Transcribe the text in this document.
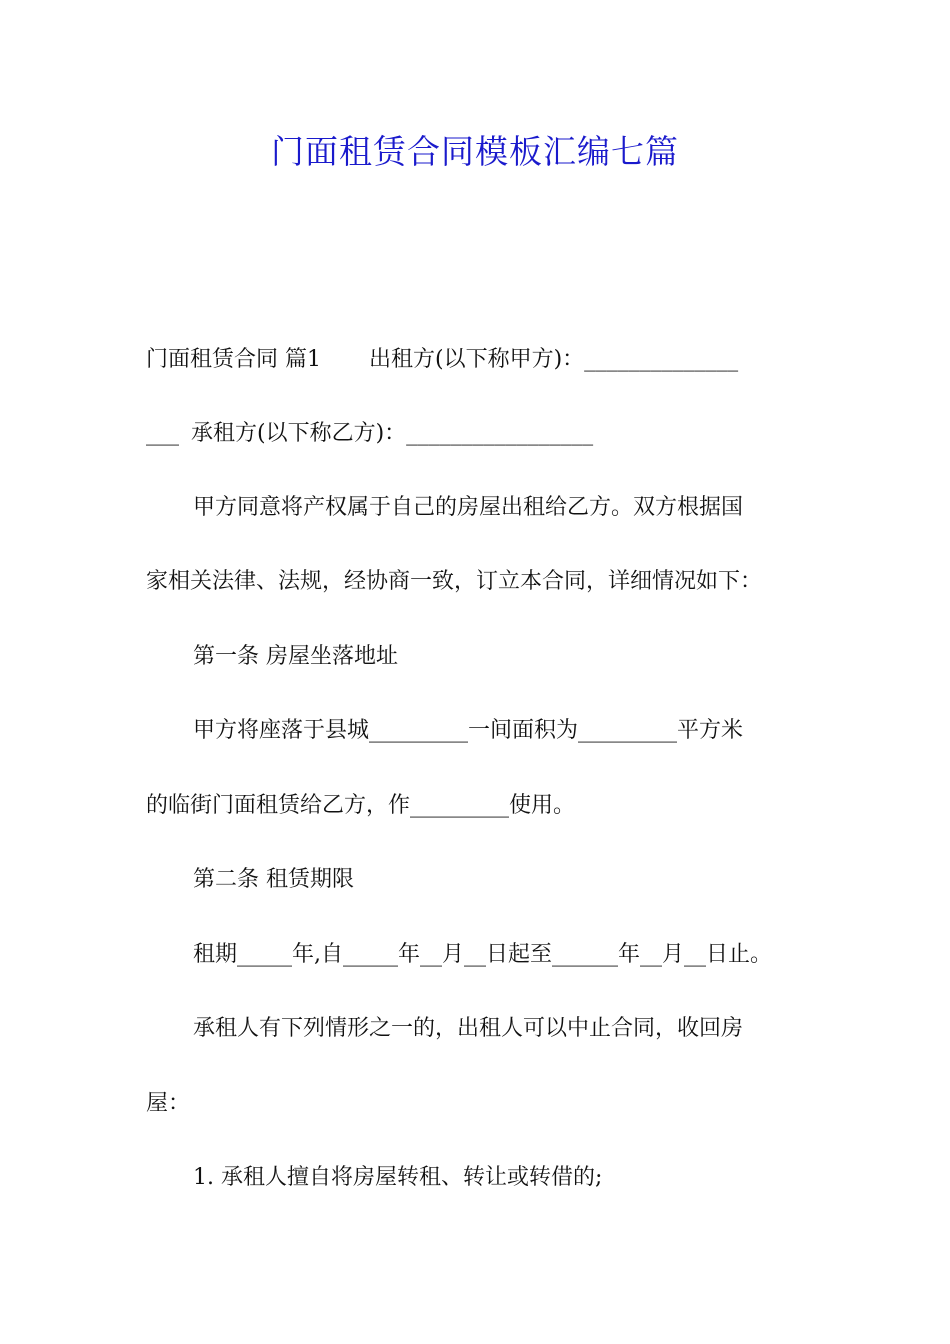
门面租赁合同模板汇编七篇

门面租赁合同 篇1 出租方(以下称甲方)：______________

___ 承租方(以下称乙方)：_________________

甲方同意将产权属于自己的房屋出租给乙方。双方根据国

家相关法律、法规，经协商一致，订立本合同，详细情况如下：

第一条 房屋坐落地址

甲方将座落于县城_________一间面积为_________平方米

的临街门面租赁给乙方，作_________使用。

第二条 租赁期限

租期_____年,自_____年__月__日起至______年__月__日止。

承租人有下列情形之一的，出租人可以中止合同，收回房

屋：

1. 承租人擅自将房屋转租、转让或转借的;
